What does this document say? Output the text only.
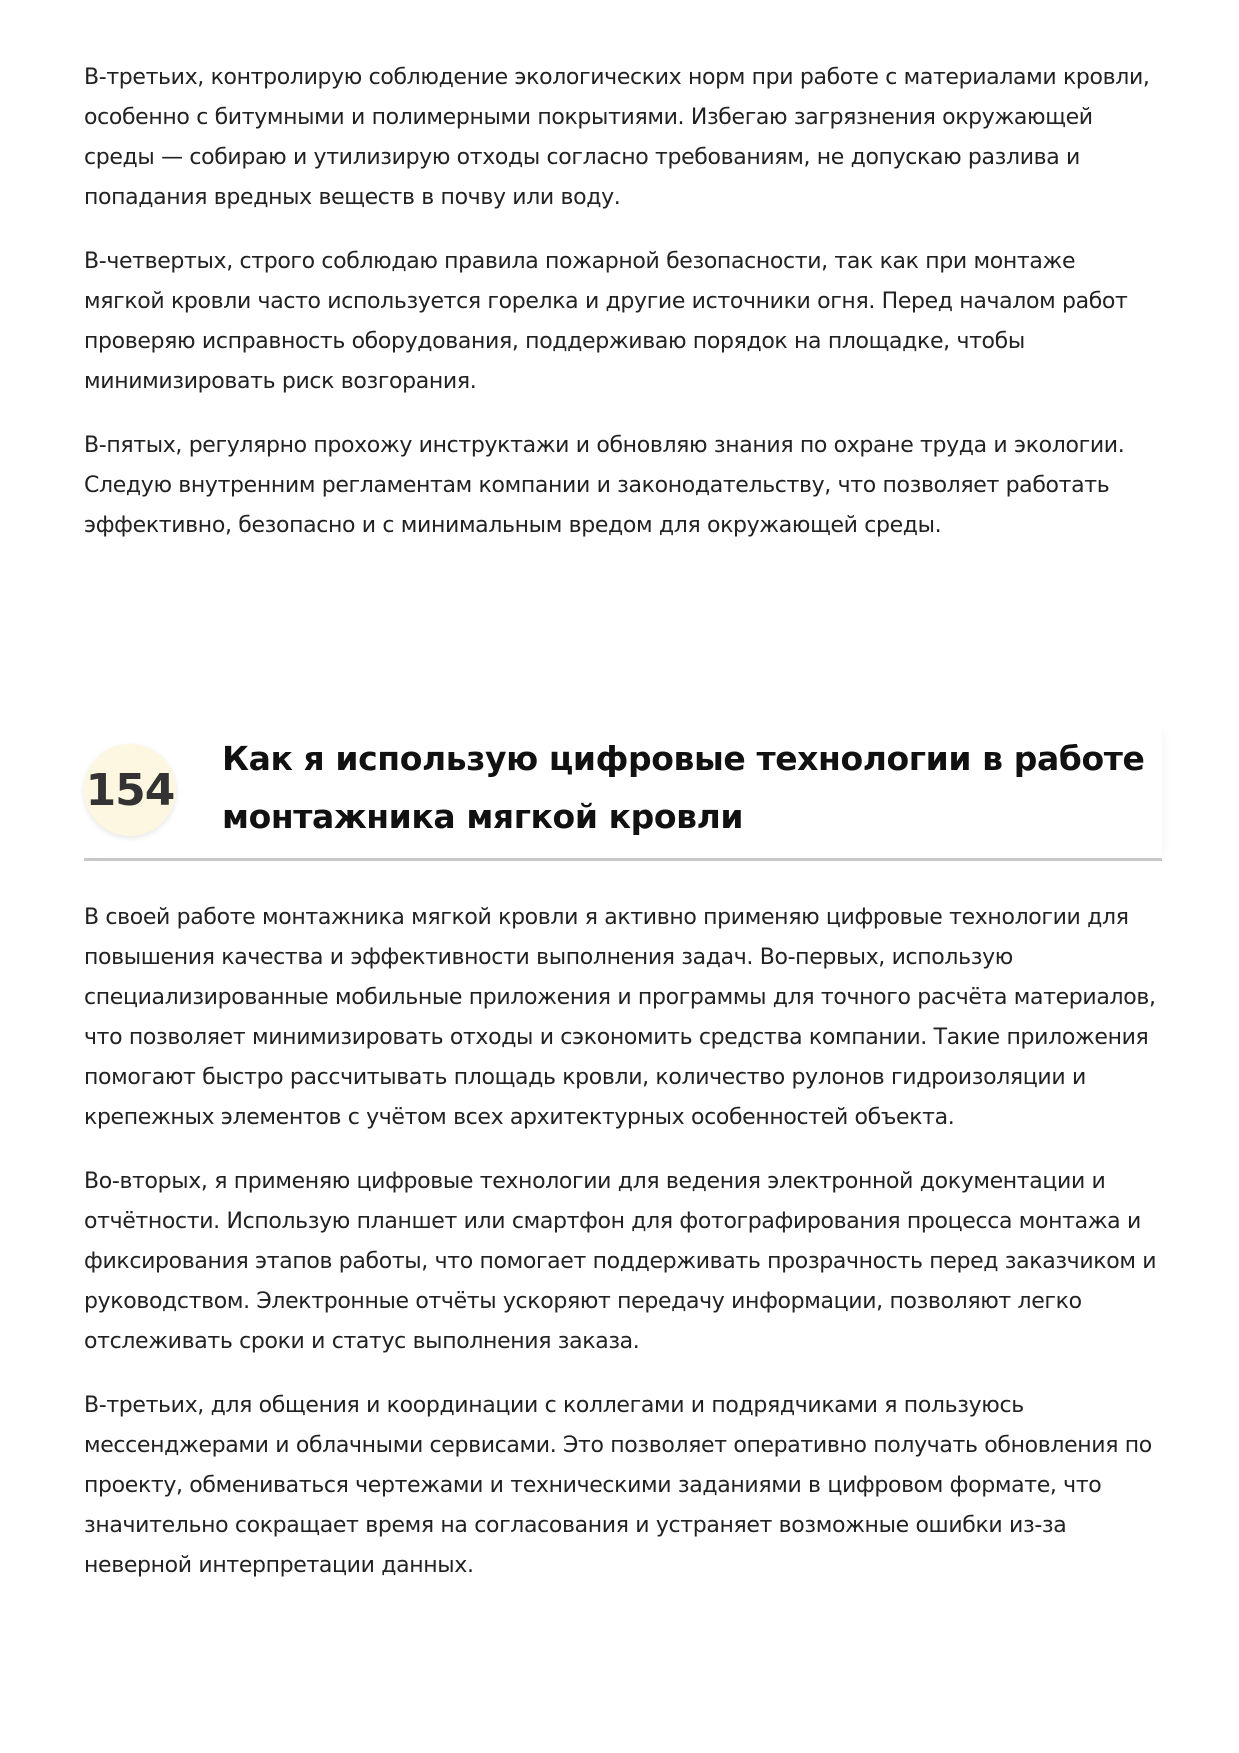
В-третьих, контролирую соблюдение экологических норм при работе с материалами кровли, особенно с битумными и полимерными покрытиями. Избегаю загрязнения окружающей среды — собираю и утилизирую отходы согласно требованиям, не допускаю разлива и попадания вредных веществ в почву или воду.

В-четвертых, строго соблюдаю правила пожарной безопасности, так как при монтаже мягкой кровли часто используется горелка и другие источники огня. Перед началом работ проверяю исправность оборудования, поддерживаю порядок на площадке, чтобы минимизировать риск возгорания.

В-пятых, регулярно прохожу инструктажи и обновляю знания по охране труда и экологии. Следую внутренним регламентам компании и законодательству, что позволяет работать эффективно, безопасно и с минимальным вредом для окружающей среды.

154
Как я использую цифровые технологии в работе монтажника мягкой кровли

В своей работе монтажника мягкой кровли я активно применяю цифровые технологии для повышения качества и эффективности выполнения задач. Во-первых, использую специализированные мобильные приложения и программы для точного расчёта материалов, что позволяет минимизировать отходы и сэкономить средства компании. Такие приложения помогают быстро рассчитывать площадь кровли, количество рулонов гидроизоляции и крепежных элементов с учётом всех архитектурных особенностей объекта.

Во-вторых, я применяю цифровые технологии для ведения электронной документации и отчётности. Использую планшет или смартфон для фотографирования процесса монтажа и фиксирования этапов работы, что помогает поддерживать прозрачность перед заказчиком и руководством. Электронные отчёты ускоряют передачу информации, позволяют легко отслеживать сроки и статус выполнения заказа.

В-третьих, для общения и координации с коллегами и подрядчиками я пользуюсь мессенджерами и облачными сервисами. Это позволяет оперативно получать обновления по проекту, обмениваться чертежами и техническими заданиями в цифровом формате, что значительно сокращает время на согласования и устраняет возможные ошибки из-за неверной интерпретации данных.
